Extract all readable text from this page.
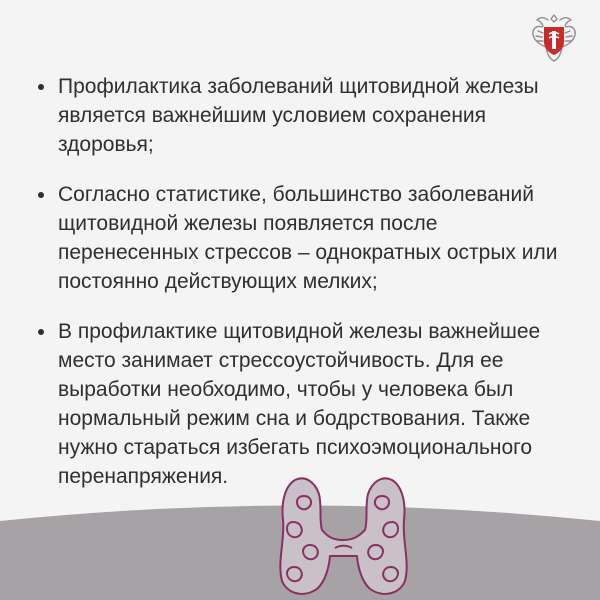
Профилактика заболеваний щитовидной железы
является важнейшим условием сохранения
здоровья;
Согласно статистике, большинство заболеваний
щитовидной железы появляется после
перенесенных стрессов – однократных острых или
постоянно действующих мелких;
В профилактике щитовидной железы важнейшее
место занимает стрессоустойчивость. Для ее
выработки необходимо, чтобы у человека был
нормальный режим сна и бодрствования. Также
нужно стараться избегать психоэмоционального
перенапряжения.
